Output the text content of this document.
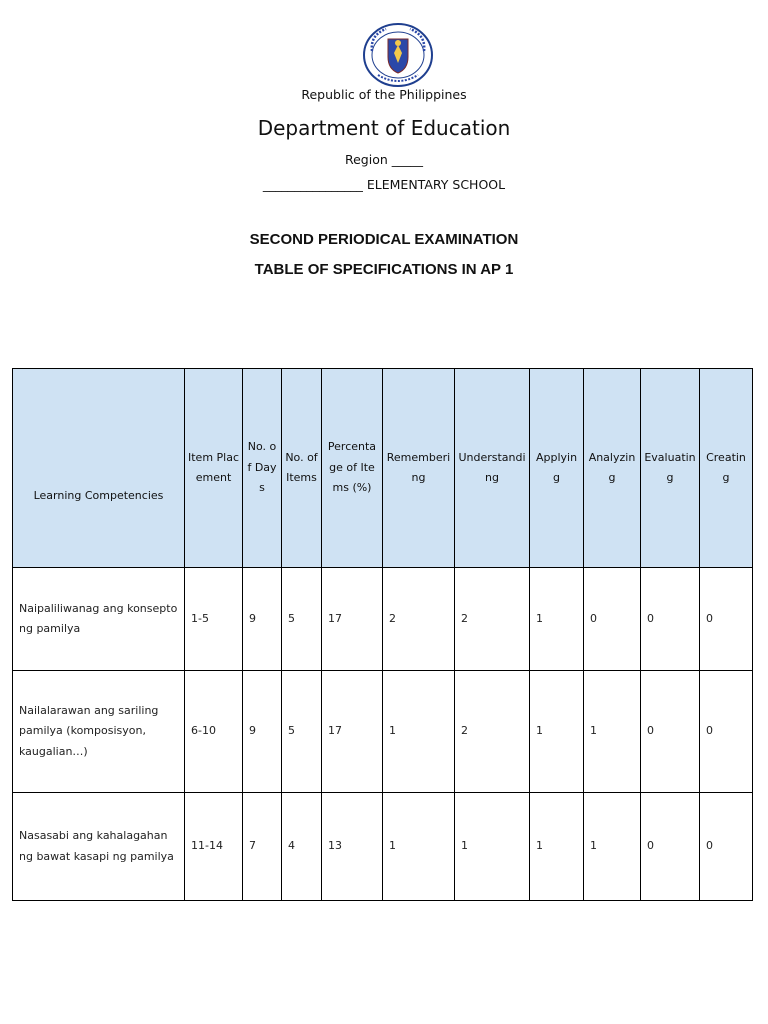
Republic of the Philippines
Department of Education
Region _____
________________ ELEMENTARY SCHOOL
SECOND PERIODICAL EXAMINATION
TABLE OF SPECIFICATIONS IN AP 1
Learning Competencies	Item Placement	No. of Days	No. of Items	Percentage of Items (%)	Remembering	Understanding	Applying	Analyzing	Evaluating	Creating
Naipaliliwanag ang konsepto ng pamilya	1-5	9	5	17	2	2	1	0	0	0
Nailalarawan ang sariling pamilya (komposisyon, kaugalian…)	6-10	9	5	17	1	2	1	1	0	0
Nasasabi ang kahalagahan ng bawat kasapi ng pamilya	11-14	7	4	13	1	1	1	1	0	0
